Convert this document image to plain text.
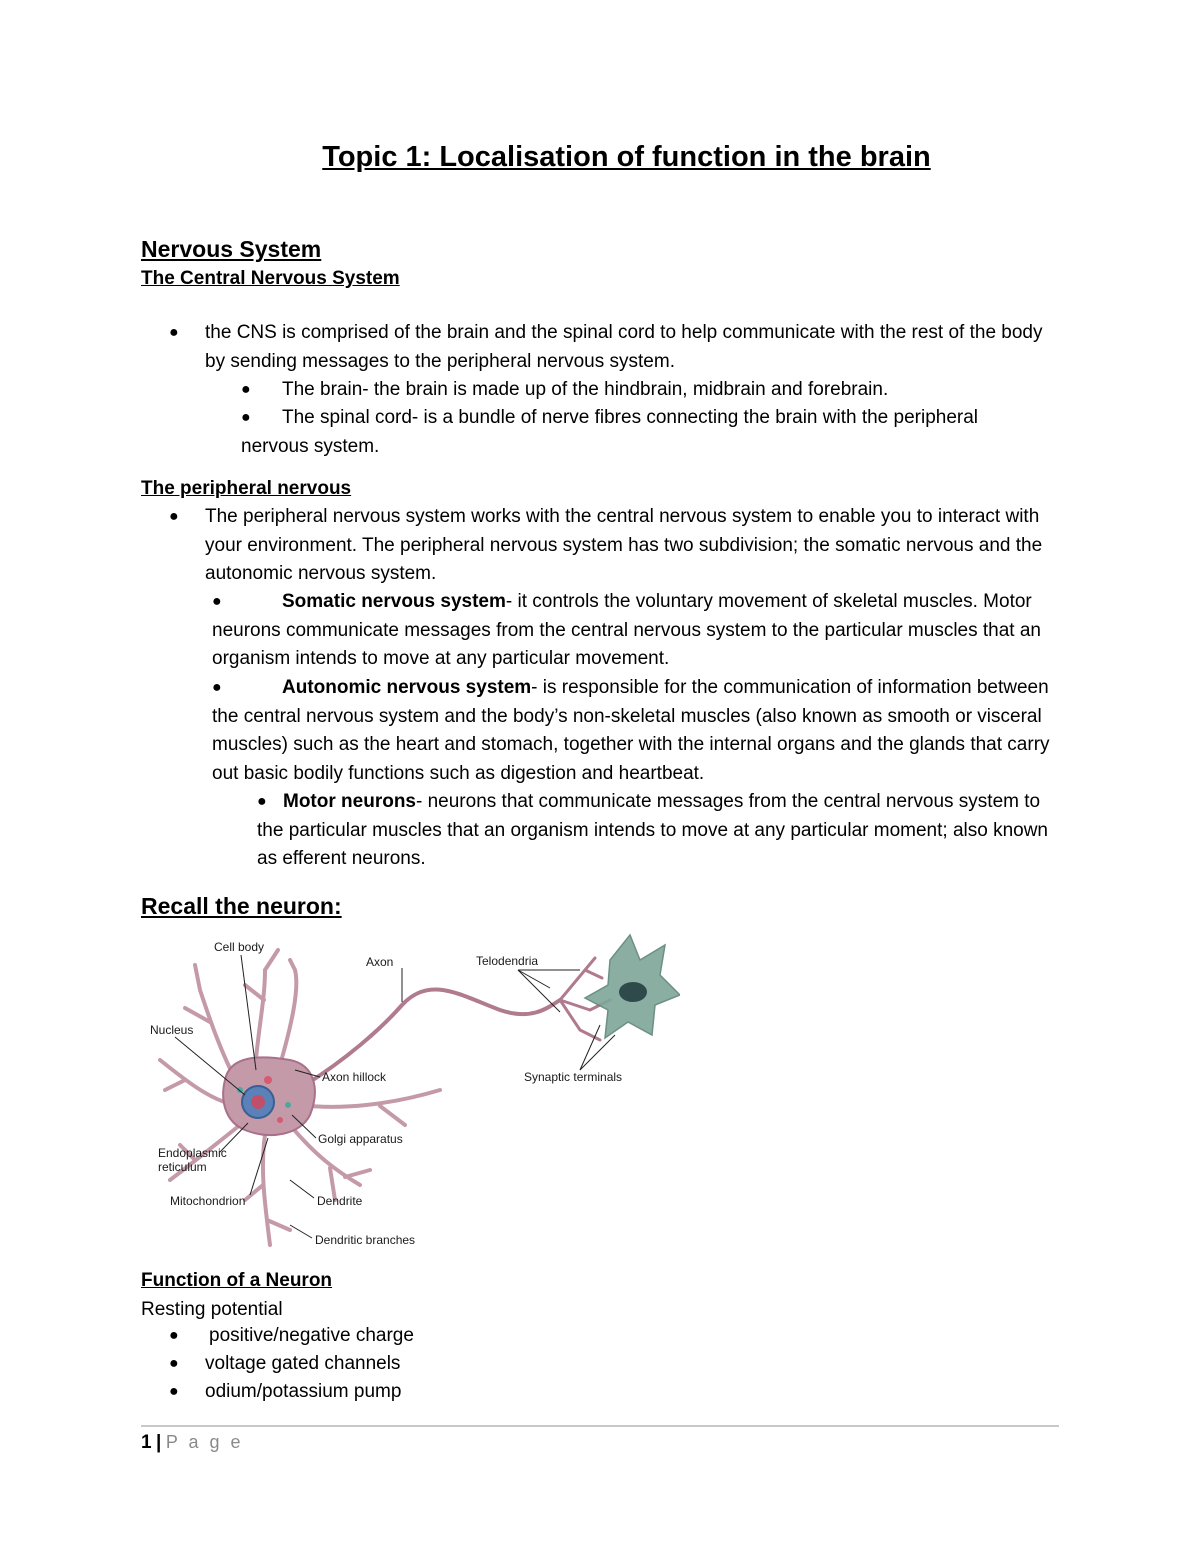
Topic 1: Localisation of function in the brain
Nervous System
The Central Nervous System
● the CNS is comprised of the brain and the spinal cord to help communicate with the rest of the body by sending messages to the peripheral nervous system.
● The brain- the brain is made up of the hindbrain, midbrain and forebrain.
●	The spinal cord- is a bundle of nerve fibres connecting the brain with the peripheral nervous system.
The peripheral nervous
● The peripheral nervous system works with the central nervous system to enable you to interact with your environment. The peripheral nervous system has two subdivision; the somatic nervous and the autonomic nervous system.
●	Somatic nervous system- it controls the voluntary movement of skeletal muscles. Motor neurons communicate messages from the central nervous system to the particular muscles that an organism intends to move at any particular movement.
●	Autonomic nervous system- is responsible for the communication of information between the central nervous system and the body’s non-skeletal muscles (also known as smooth or visceral muscles) such as the heart and stomach, together with the internal organs and the glands that carry out basic bodily functions such as digestion and heartbeat.
● Motor neurons- neurons that communicate messages from the central nervous system to the particular muscles that an organism intends to move at any particular moment; also known as efferent neurons.
Recall the neuron:
Cell body
Axon	Telodendria
Nucleus
Axon hillock	Synaptic terminals
Golgi apparatus
Endoplasmic
reticulum
Mitochondrion	Dendrite
Dendritic branches
Function of a Neuron
Resting potential
● positive/negative charge
● voltage gated channels
● odium/potassium pump
1 | P a g e
